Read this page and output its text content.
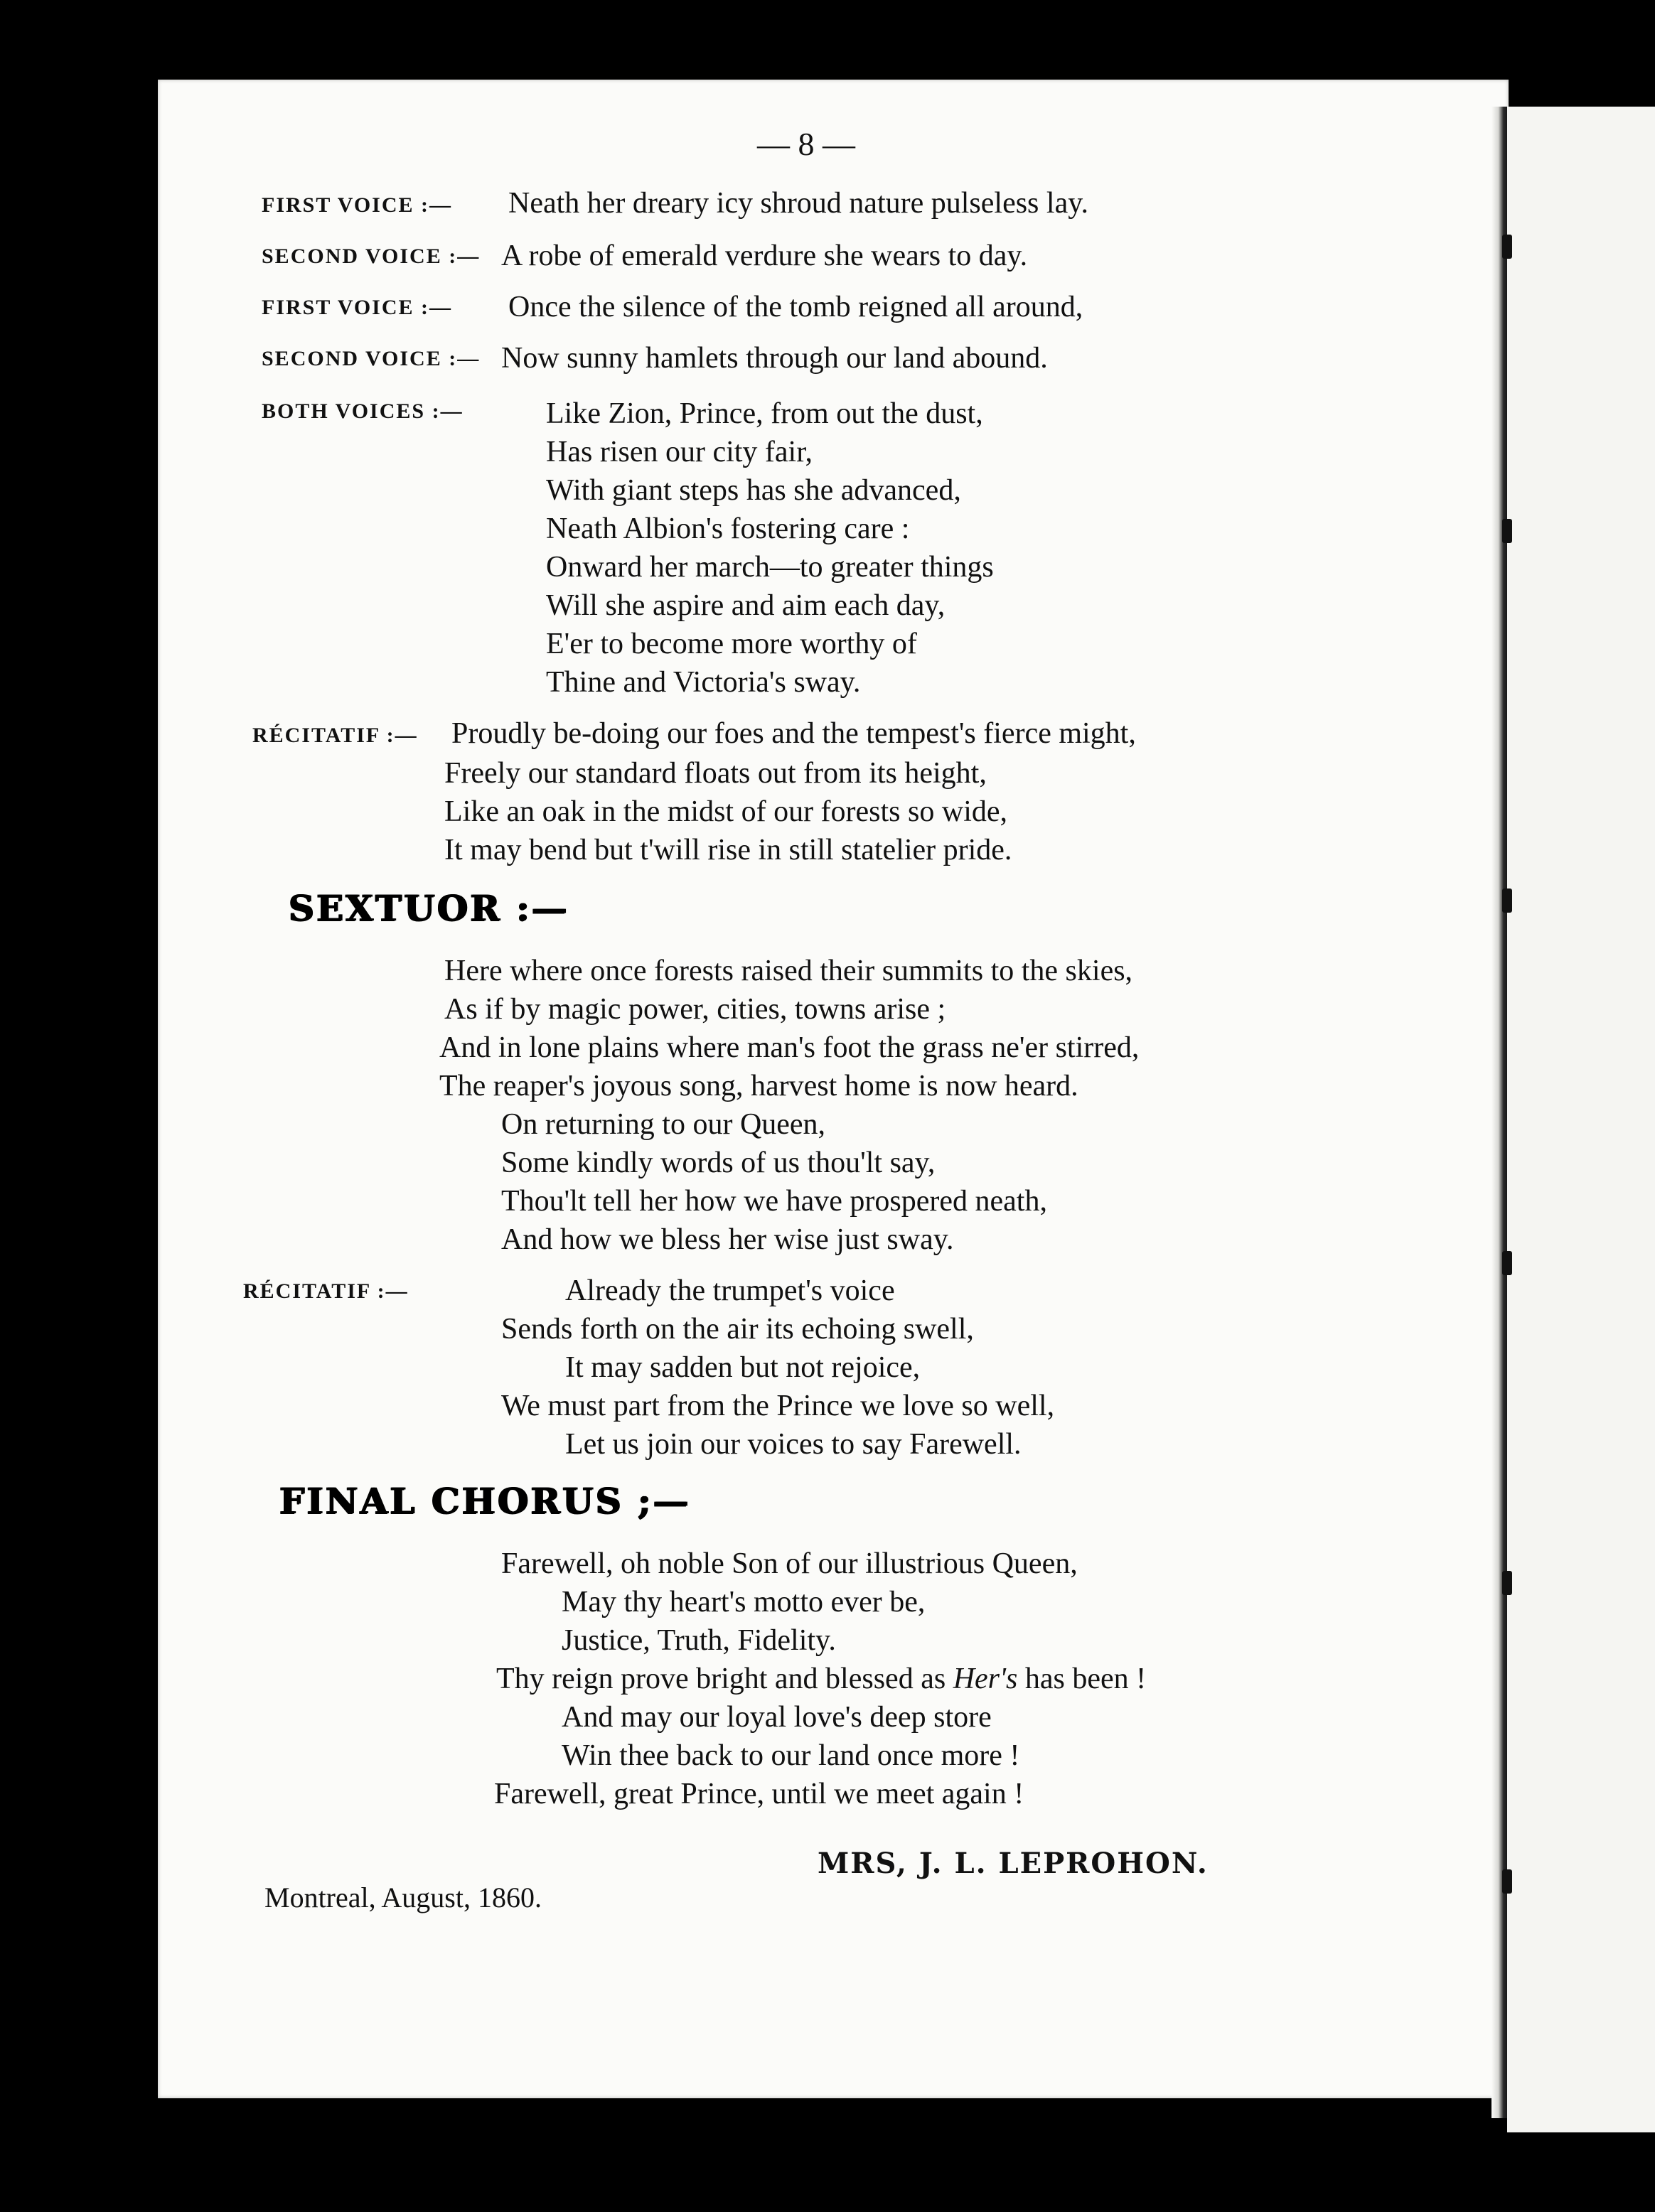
— 8 —
FIRST VOICE :— Neath her dreary icy shroud nature pulseless lay.
SECOND VOICE :— A robe of emerald verdure she wears to day.
FIRST VOICE :— Once the silence of the tomb reigned all around,
SECOND VOICE :— Now sunny hamlets through our land abound.
BOTH VOICES :—	Like Zion, Prince, from out the dust,
Has risen our city fair,
With giant steps has she advanced,
Neath Albion's fostering care :
Onward her march—to greater things
Will she aspire and aim each day,
E'er to become more worthy of
Thine and Victoria's sway.
RÉCITATIF :— Proudly be-doing our foes and the tempest's fierce might,
Freely our standard floats out from its height,
Like an oak in the midst of our forests so wide,
It may bend but t'will rise in still statelier pride.
SEXTUOR :—
Here where once forests raised their summits to the skies,
As if by magic power, cities, towns arise ;
And in lone plains where man's foot the grass ne'er stirred,
The reaper's joyous song, harvest home is now heard.
On returning to our Queen,
Some kindly words of us thou'lt say,
Thou'lt tell her how we have prospered neath,
And how we bless her wise just sway.
RÉCITATIF :—	Already the trumpet's voice
Sends forth on the air its echoing swell,
It may sadden but not rejoice,
We must part from the Prince we love so well,
Let us join our voices to say Farewell.
FINAL CHORUS ;—
Farewell, oh noble Son of our illustrious Queen,
May thy heart's motto ever be,
Justice, Truth, Fidelity.
Thy reign prove bright and blessed as Her's has been !
And may our loyal love's deep store
Win thee back to our land once more !
Farewell, great Prince, until we meet again !
MRS, J. L. LEPROHON.
Montreal, August, 1860.
